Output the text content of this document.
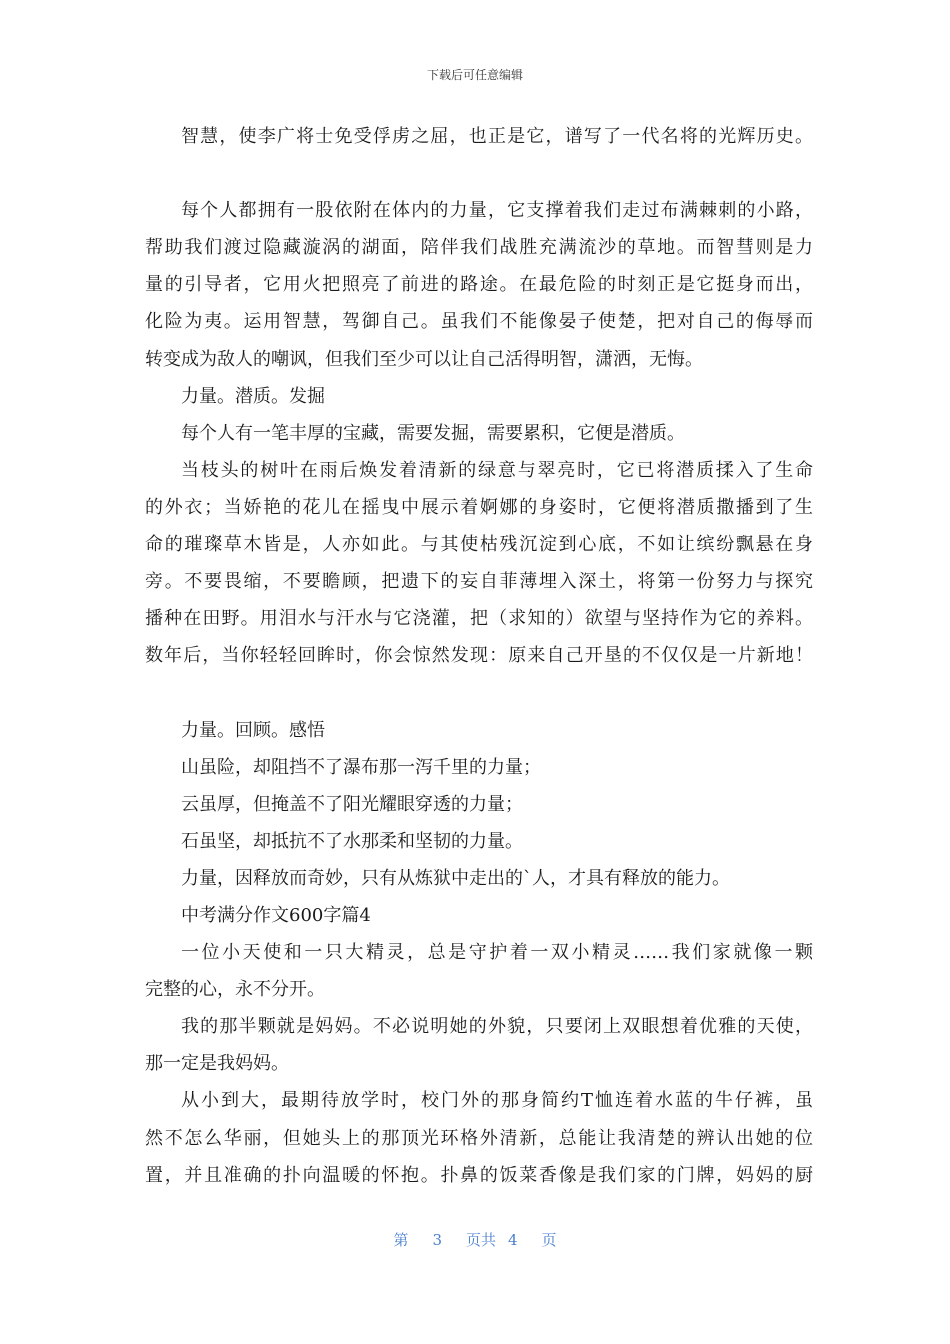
下载后可任意编辑
智慧，使李广将士免受俘虏之屈，也正是它，谱写了一代名将的光辉历史。
每个人都拥有一股依附在体内的力量，它支撑着我们走过布满棘刺的小路，
帮助我们渡过隐藏漩涡的湖面，陪伴我们战胜充满流沙的草地。而智彗则是力
量的引导者，它用火把照亮了前进的路途。在最危险的时刻正是它挺身而出，
化险为夷。运用智慧，驾御自己。虽我们不能像晏子使楚，把对自己的侮辱而
转变成为敌人的嘲讽，但我们至少可以让自己活得明智，潇洒，无悔。
力量。潜质。发掘
每个人有一笔丰厚的宝藏，需要发掘，需要累积，它便是潜质。
当枝头的树叶在雨后焕发着清新的绿意与翠亮时，它已将潜质揉入了生命
的外衣；当娇艳的花儿在摇曳中展示着婀娜的身姿时，它便将潜质撒播到了生
命的璀璨草木皆是，人亦如此。与其使枯残沉淀到心底，不如让缤纷飘悬在身
旁。不要畏缩，不要瞻顾，把遗下的妄自菲薄埋入深土，将第一份努力与探究
播种在田野。用泪水与汗水与它浇灌，把（求知的）欲望与坚持作为它的养料。
数年后，当你轻轻回眸时，你会惊然发现：原来自己开垦的不仅仅是一片新地！
力量。回顾。感悟
山虽险，却阻挡不了瀑布那一泻千里的力量；
云虽厚，但掩盖不了阳光耀眼穿透的力量；
石虽坚，却抵抗不了水那柔和坚韧的力量。
力量，因释放而奇妙，只有从炼狱中走出的`人，才具有释放的能力。
中考满分作文600字篇4
一位小天使和一只大精灵，总是守护着一双小精灵……我们家就像一颗
完整的心，永不分开。
我的那半颗就是妈妈。不必说明她的外貌，只要闭上双眼想着优雅的天使，
那一定是我妈妈。
从小到大，最期待放学时，校门外的那身简约T恤连着水蓝的牛仔裤，虽
然不怎么华丽，但她头上的那顶光环格外清新，总能让我清楚的辨认出她的位
置，并且准确的扑向温暖的怀抱。扑鼻的饭菜香像是我们家的门牌，妈妈的厨
第 3 页共 4 页
